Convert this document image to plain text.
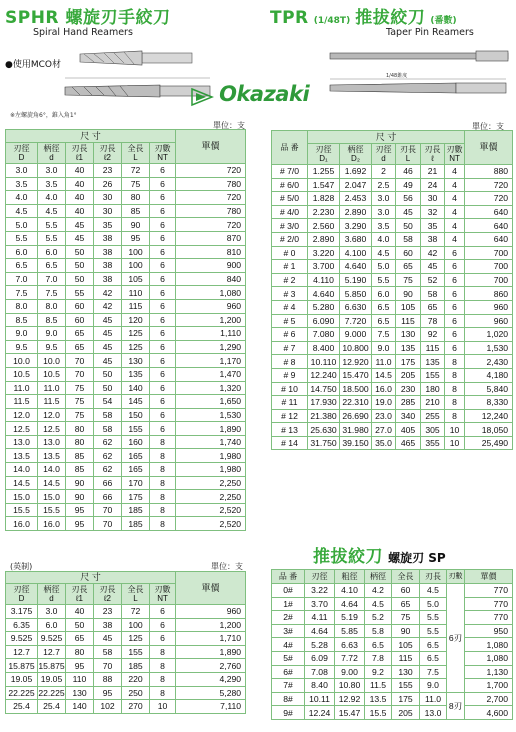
SPHR 螺旋刃手絞刀
Spiral Hand Reamers
TPR (1/48T) 推拔絞刀 (番數)
Taper Pin Reamers
●使用MCO材
※左螺旋角6°，錐入角1°
1/48錐度
Okazaki
單位：支	單位：支
尺 寸						單價
刃徑
D	柄徑
d	刃長
ℓ1	刃長
ℓ2	全長
L	刃數
NT	
3.0	3.0	40	23	72	6	720
3.5	3.5	40	26	75	6	780
4.0	4.0	40	30	80	6	720
4.5	4.5	40	30	85	6	780
5.0	5.5	45	35	90	6	720
5.5	5.5	45	38	95	6	870
6.0	6.0	50	38	100	6	810
6.5	6.5	50	38	100	6	900
7.0	7.0	50	38	105	6	840
7.5	7.5	55	42	110	6	1,080
8.0	8.0	60	42	115	6	960
8.5	8.5	60	45	120	6	1,200
9.0	9.0	65	45	125	6	1,110
9.5	9.5	65	45	125	6	1,290
10.0	10.0	70	45	130	6	1,170
10.5	10.5	70	50	135	6	1,470
11.0	11.0	75	50	140	6	1,320
11.5	11.5	75	54	145	6	1,650
12.0	12.0	75	58	150	6	1,530
12.5	12.5	80	58	155	6	1,890
13.0	13.0	80	62	160	8	1,740
13.5	13.5	85	62	165	8	1,980
14.0	14.0	85	62	165	8	1,980
14.5	14.5	90	66	170	8	2,250
15.0	15.0	90	66	175	8	2,250
15.5	15.5	95	70	185	8	2,520
16.0	16.0	95	70	185	8	2,520
(英制)	單位：支
尺 寸						單價
刃徑
D	柄徑
d	刃長
ℓ1	刃長
ℓ2	全長
L	刃數
NT	
3.175	3.0	40	23	72	6	960
6.35	6.0	50	38	100	6	1,200
9.525	9.525	65	45	125	6	1,710
12.7	12.7	80	58	155	8	1,890
15.875	15.875	95	70	185	8	2,760
19.05	19.05	110	88	220	8	4,290
22.225	22.225	130	95	250	8	5,280
25.4	25.4	140	102	270	10	7,110
品 番	尺 寸						單價
	刃徑
D₁	柄徑
D₂	刃徑
d	刃長
L	刃長
ℓ	刃數
NT	
# 7/0	1.255	1.692	2	46	21	4	880
# 6/0	1.547	2.047	2.5	49	24	4	720
# 5/0	1.828	2.453	3.0	56	30	4	720
# 4/0	2.230	2.890	3.0	45	32	4	640
# 3/0	2.560	3.290	3.5	50	35	4	640
# 2/0	2.890	3.680	4.0	58	38	4	640
# 0	3.220	4.100	4.5	60	42	6	700
# 1	3.700	4.640	5.0	65	45	6	700
# 2	4.110	5.190	5.5	75	52	6	700
# 3	4.640	5.850	6.0	90	58	6	860
# 4	5.280	6.630	6.5	105	65	6	960
# 5	6.090	7.720	6.5	115	78	6	960
# 6	7.080	9.000	7.5	130	92	6	1,020
# 7	8.400	10.800	9.0	135	115	6	1,530
# 8	10.110	12.920	11.0	175	135	8	2,430
# 9	12.240	15.470	14.5	205	155	8	4,180
# 10	14.750	18.500	16.0	230	180	8	5,840
# 11	17.930	22.310	19.0	285	210	8	8,330
# 12	21.380	26.690	23.0	340	255	8	12,240
# 13	25.630	31.980	27.0	405	305	10	18,050
# 14	31.750	39.150	35.0	465	355	10	25,490
推拔絞刀 螺旋刃 SP
品 番	刃徑	粗徑	柄徑	全長	刃長	刃數	單價
0#	3.22	4.10	4.2	60	4.5	6刃	770
1#	3.70	4.64	4.5	65	5.0		770
2#	4.11	5.19	5.2	75	5.5		770
3#	4.64	5.85	5.8	90	5.5		950
4#	5.28	6.63	6.5	105	6.5		1,080
5#	6.09	7.72	7.8	115	6.5		1,080
6#	7.08	9.00	9.2	130	7.5		1,130
7#	8.40	10.80	11.5	155	9.0		1,700
8#	10.11	12.92	13.5	175	11.0	8刃	2,700
9#	12.24	15.47	15.5	205	13.0		4,600
